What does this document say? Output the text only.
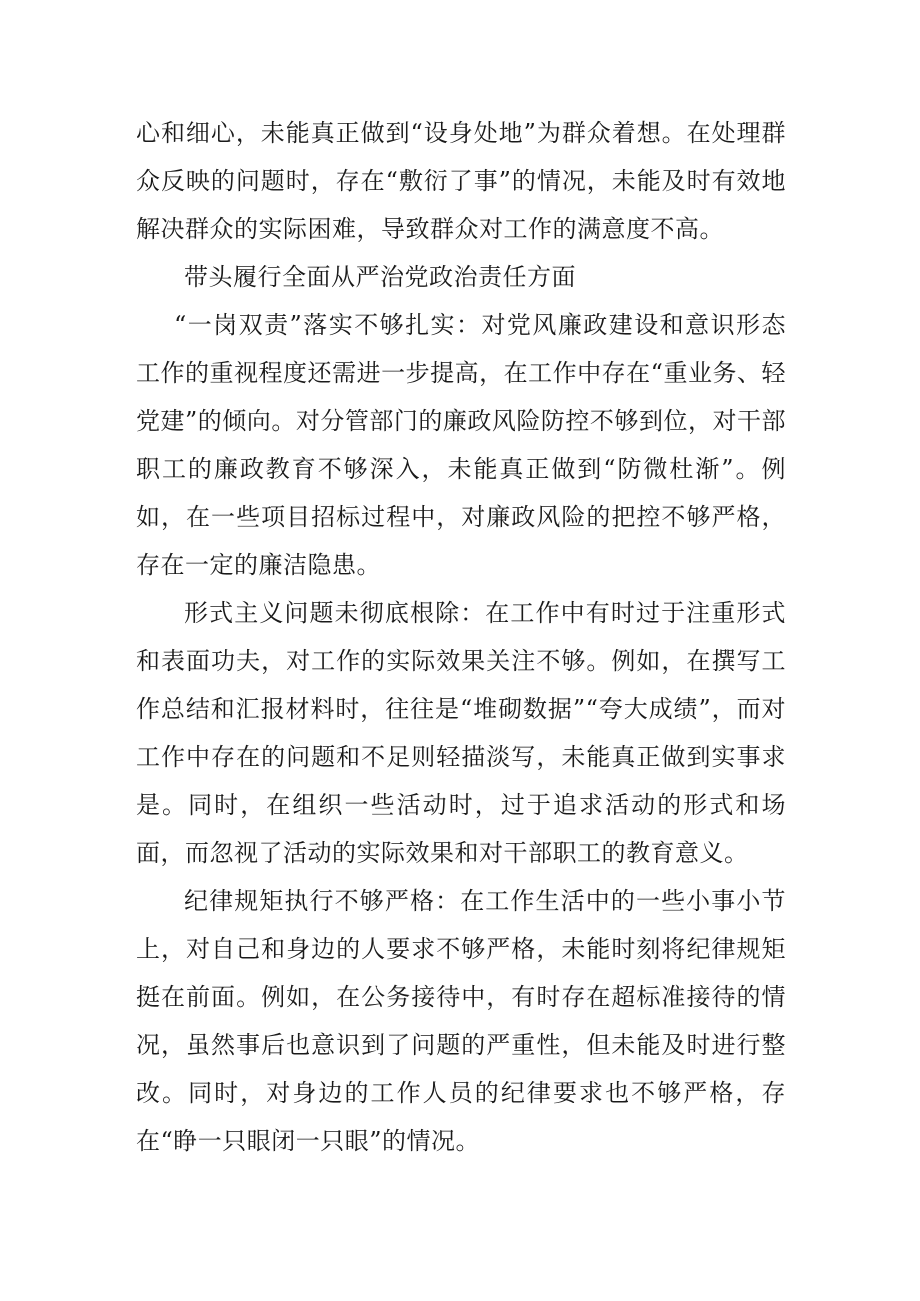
心和细心，未能真正做到“设身处地”为群众着想。在处理群众反映的问题时，存在“敷衍了事”的情况，未能及时有效地解决群众的实际困难，导致群众对工作的满意度不高。

带头履行全面从严治党政治责任方面

“一岗双责”落实不够扎实：对党风廉政建设和意识形态工作的重视程度还需进一步提高，在工作中存在“重业务、轻党建”的倾向。对分管部门的廉政风险防控不够到位，对干部职工的廉政教育不够深入，未能真正做到“防微杜渐”。例如，在一些项目招标过程中，对廉政风险的把控不够严格，存在一定的廉洁隐患。

形式主义问题未彻底根除：在工作中有时过于注重形式和表面功夫，对工作的实际效果关注不够。例如，在撰写工作总结和汇报材料时，往往是“堆砌数据”“夸大成绩”，而对工作中存在的问题和不足则轻描淡写，未能真正做到实事求是。同时，在组织一些活动时，过于追求活动的形式和场面，而忽视了活动的实际效果和对干部职工的教育意义。

纪律规矩执行不够严格：在工作生活中的一些小事小节上，对自己和身边的人要求不够严格，未能时刻将纪律规矩挺在前面。例如，在公务接待中，有时存在超标准接待的情况，虽然事后也意识到了问题的严重性，但未能及时进行整改。同时，对身边的工作人员的纪律要求也不够严格，存在“睁一只眼闭一只眼”的情况。
